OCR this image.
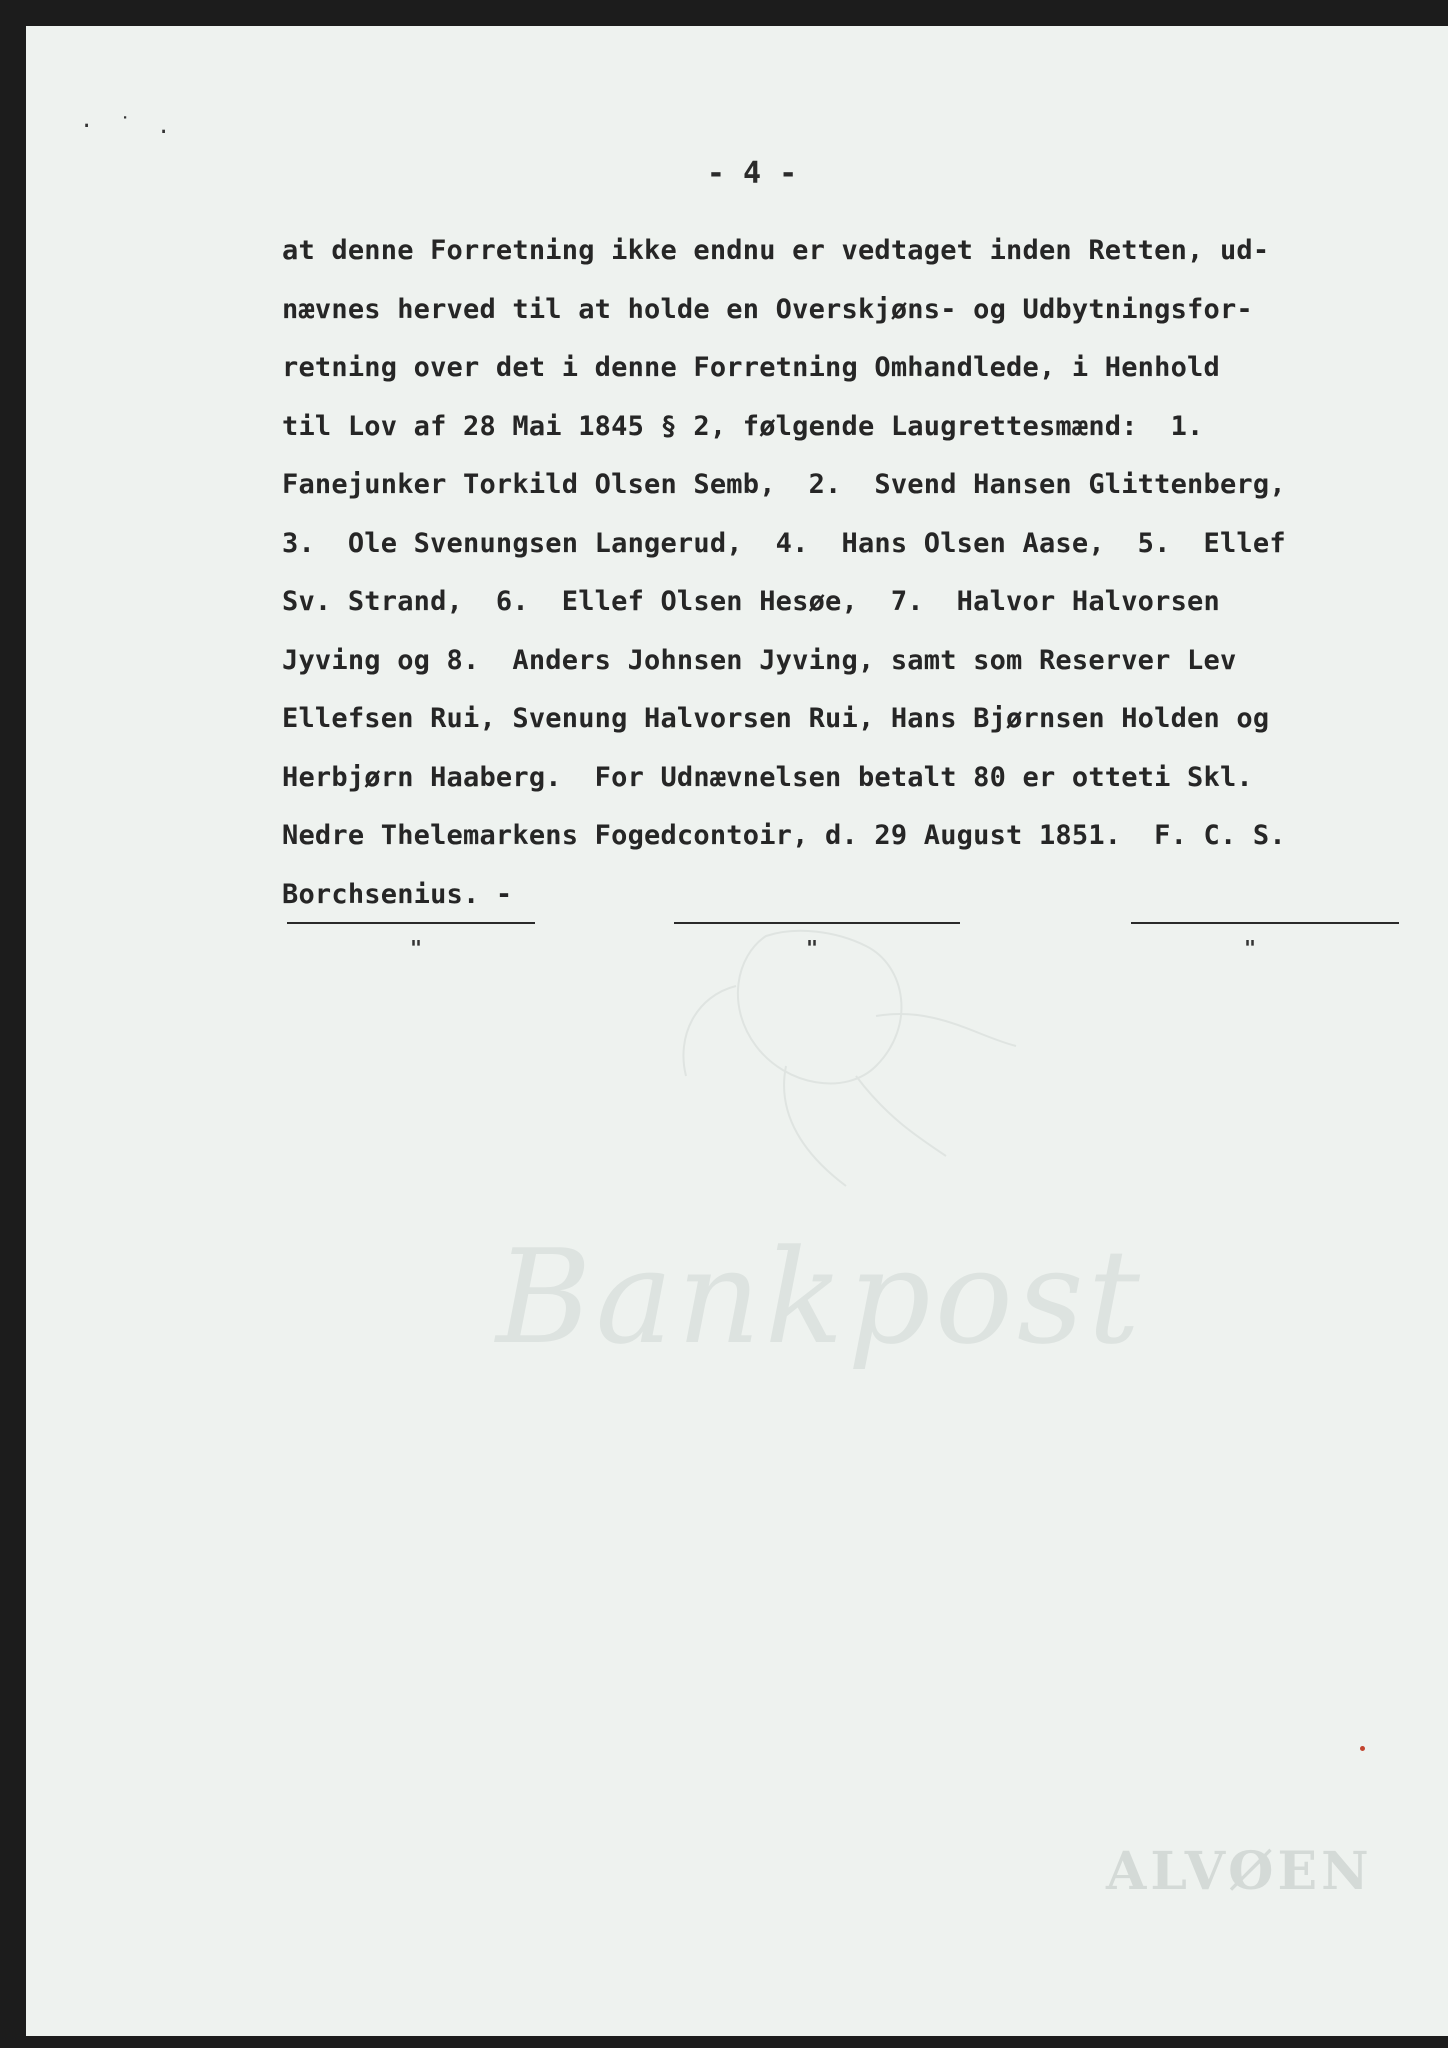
· ˙ .
Bankpost
ALVØEN
- 4 -
at denne Forretning ikke endnu er vedtaget inden Retten, ud-
nævnes herved til at holde en Overskjøns- og Udbytningsfor-
retning over det i denne Forretning Omhandlede, i Henhold
til Lov af 28 Mai 1845 § 2, følgende Laugrettesmænd:  1.
Fanejunker Torkild Olsen Semb,  2.  Svend Hansen Glittenberg,
3.  Ole Svenungsen Langerud,  4.  Hans Olsen Aase,  5.  Ellef
Sv. Strand,  6.  Ellef Olsen Hesøe,  7.  Halvor Halvorsen
Jyving og 8.  Anders Johnsen Jyving, samt som Reserver Lev
Ellefsen Rui, Svenung Halvorsen Rui, Hans Bjørnsen Holden og
Herbjørn Haaberg.  For Udnævnelsen betalt 80 er otteti Skl.
Nedre Thelemarkens Fogedcontoir, d. 29 August 1851.  F. C. S.
Borchsenius. -
"	"	"
